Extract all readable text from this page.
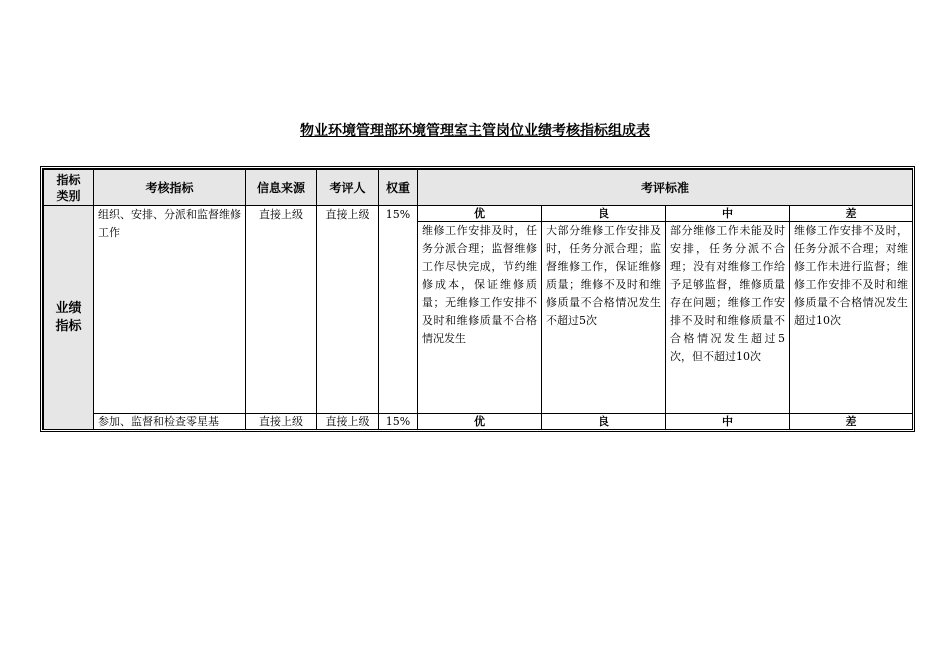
物业环境管理部环境管理室主管岗位业绩考核指标组成表
指标类别	考核指标	信息来源	考评人	权重	考评标准			
业绩指标	组织、安排、分派和监督维修工作	直接上级	直接上级	15%	优	良	中	差
					维修工作安排及时，任务分派合理；监督维修工作尽快完成，节约维修成本，保证维修质量；无维修工作安排不及时和维修质量不合格情况发生	大部分维修工作安排及时，任务分派合理；监督维修工作，保证维修质量；维修不及时和维修质量不合格情况发生不超过5次	部分维修工作未能及时安排，任务分派不合理；没有对维修工作给予足够监督，维修质量存在问题；维修工作安排不及时和维修质量不合格情况发生超过5次，但不超过10次	维修工作安排不及时，任务分派不合理；对维修工作未进行监督；维修工作安排不及时和维修质量不合格情况发生超过10次
	参加、监督和检查零星基	直接上级	直接上级	15%	优	良	中	差
